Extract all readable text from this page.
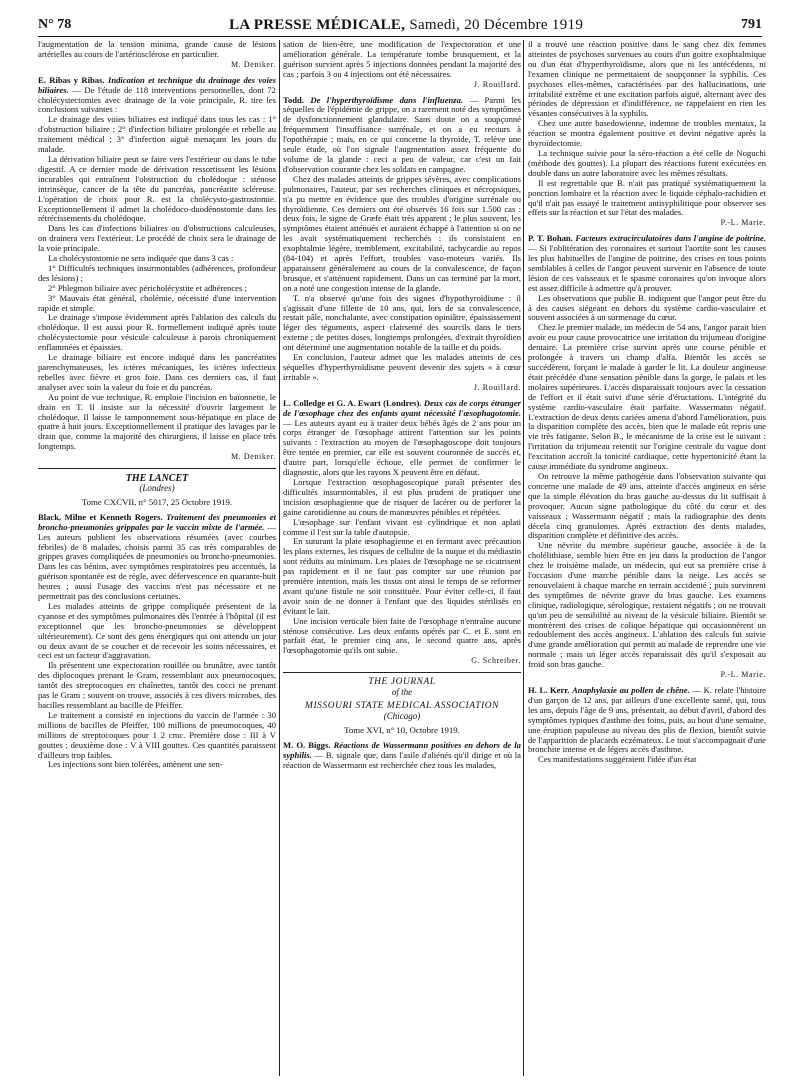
N° 78	LA PRESSE MÉDICALE, Samedi, 20 Décembre 1919	791

l'augmentation de la tension minima, grande cause de lésions artérielles au cours de l'artériosclérose en particulier.

M. Deniker.

E. Ribas y Ribas. Indication et technique du drainage des voies biliaires. — De l'étude de 118 interventions personnelles, dont 72 cholécystectomies avec drainage de la voie principale, R. tire les conclusions suivantes :

Le drainage des voies biliaires est indiqué dans tous les cas : 1° d'obstruction biliaire ; 2° d'infection biliaire prolongée et rebelle au traitement médical ; 3° d'infection aiguë menaçant les jours du malade.

La dérivation biliaire peut se faire vers l'extérieur ou dans le tube digestif. A ce dernier mode de dérivation ressortissent les lésions incurables qui entraînent l'obstruction du cholédoque : sténose intrinsèque, cancer de la tête du pancréas, pancréatite scléreuse. L'opération de choix pour R. est la cholécysto-gastrostomie. Exceptionnellement il admet la cholédoco-duodénostomie dans les rétrécissements du cholédoque.

Dans les cas d'infections biliaires ou d'obstructions calculeuses, on drainera vers l'extérieur. Le procédé de choix sera le drainage de la voie principale.

La cholécystostomie ne sera indiquée que dans 3 cas :

1° Difficultés techniques insurmontables (adhérences, profondeur des lésions) ;

2° Phlegmon biliaire avec péricholécystite et adhérences ;

3° Mauvais état général, cholémie, nécessité d'une intervention rapide et simple.

Le drainage s'impose évidemment après l'ablation des calculs du cholédoque. Il est aussi pour R. formellement indiqué après toute cholécystectomie pour vésicule calculeuse à parois chroniquement enflammées et épaissies.

Le drainage biliaire est encore indiqué dans les pancréatites parenchymateuses, les ictères mécaniques, les ictères infectieux rebelles avec fièvre et gros foie. Dans ces derniers cas, il faut analyser avec soin la valeur du foie et du pancréas.

Au point de vue technique, R. emploie l'incision en baïonnette, le drain en T. Il insiste sur la nécessité d'ouvrir largement le cholédoque. Il laisse le tamponnement sous-hépatique en place de quatre à huit jours. Exceptionnellement il pratique des lavages par le drain que, comme la majorité des chirurgiens, il laisse en place très longtemps.

M. Deniker.

THE LANCET

(Londres)

Tome CXCVII, n° 5017, 25 Octobre 1919.

Black, Milne et Kenneth Rogers. Traitement des pneumonies et broncho-pneumonies grippales par le vaccin mixte de l'armée. — Les auteurs publient les observations résumées (avec courbes fébriles) de 8 malades, choisis parmi 35 cas très comparables de grippes graves compliquées de pneumonies ou broncho-pneumonies. Dans les cas bénins, avec symptômes respiratoires peu accentués, la guérison spontanée est de règle, avec défervescence en quarante-huit heures ; aussi l'usage des vaccins n'est pas nécessaire et ne permettrait pas des conclusions certaines.

Les malades atteints de grippe compliquée présentent de la cyanose et des symptômes pulmonaires dès l'entrée à l'hôpital (il est exceptionnel que les broncho-pneumonies se développent ultérieurement). Ce sont des gens énergiques qui ont attendu un jour ou deux avant de se coucher et de recevoir les soins nécessaires, et ceci est un facteur d'aggravation.

Ils présentent une expectoration rouillée ou brunâtre, avec tantôt des diplocoques prenant le Gram, ressemblant aux pneumocoques, tantôt des streptocoques en chaînettes, tantôt des cocci ne prenant pas le Gram ; souvent on trouve, associés à ces divers microbes, des bacilles ressemblant au bacille de Pfeiffer.

Le traitement a consisté en injections du vaccin de l'armée : 30 millions de bacilles de Pfeiffer, 100 millions de pneumocoques, 40 millions de streptocoques pour 1 2 cmc. Première dose : III à V gouttes ; deuxième dose : V à VIII gouttes. Ces quantités paraissent d'ailleurs trop faibles.

Les injections sont bien tolérées, amènent une sen-

sation de bien-être, une modification de l'expectoration et une amélioration générale. La température tombe brusquement, et la guérison survient après 5 injections données pendant la majorité des cas ; parfois 3 ou 4 injections ont été nécessaires.

J. Rouillard.

Todd. De l'hyperthyroïdisme dans l'influenza. — Parmi les séquelles de l'épidémie de grippe, on a rarement noté des symptômes de dysfonctionnement glandulaire. Sans doute on a soupçonné fréquemment l'insuffisance surrénale, et on a eu recours à l'opothérapie ; mais, en ce qui concerne la thyroïde, T. relève une seule étude, où l'on signale l'augmentation assez fréquente du volume de la glande : ceci a peu de valeur, car c'est un fait d'observation courante chez les soldats en campagne.

Chez des malades atteints de grippes sévères, avec complications pulmonaires, l'auteur, par ses recherches cliniques et nécropsiques, n'a pu mettre en évidence que des troubles d'origine surrénale ou thyroïdienne. Ces derniers ont été observés 16 fois sur 1.500 cas : deux fois, le signe de Græfe était très apparent ; le plus souvent, les symptômes étaient atténués et auraient échappé à l'attention si on ne les avait systématiquement recherchés : ils consistaient en exophtalmie légère, tremblement, excitabilité, tachycardie au repos (84-104) et après l'effort, troubles vaso-moteurs variés. Ils apparaissent généralement au cours de la convalescence, de façon brusque, et s'atténuent rapidement. Dans un cas terminé par la mort, on a noté une congestion intense de la glande.

T. n'a observé qu'une fois des signes d'hypothyroïdisme : il s'agissait d'une fillette de 10 ans, qui, lors de sa convalescence, restait pâle, nonchalante, avec constipation opiniâtre, épaississement léger des téguments, aspect clairsemé des sourcils dans le tiers externe ; de petites doses, longtemps prolongées, d'extrait thyroïdien ont déterminé une augmentation notable de la taille et du poids.

En conclusion, l'auteur admet que les malades atteints de ces séquelles d'hyperthyroïdisme peuvent devenir des sujets « à cœur irritable ».

J. Rouillard.

L. Colledge et G. A. Ewart (Londres). Deux cas de corps étranger de l'œsophage chez des enfants ayant nécessité l'œsophagotomie. — Les auteurs ayant eu à traiter deux bébés âgés de 2 ans pour un corps étranger de l'œsophage attirent l'attention sur les points suivants : l'extraction au moyen de l'œsophagoscope doit toujours être tentée en premier, car elle est souvent couronnée de succès et, d'autre part, lorsqu'elle échoue, elle permet de confirmer le diagnostic, alors que les rayons X peuvent être en défaut.

Lorsque l'extraction œsophagoscopique paraît présenter des difficultés insurmontables, il est plus prudent de pratiquer une incision œsophagienne que de risquer de lacérer ou de perforer la gaine carotidienne au cours de manœuvres pénibles et répétées.

L'œsophage sur l'enfant vivant est cylindrique et non aplati comme il l'est sur la table d'autopsie.

En suturant la plaie œsophagienne et en fermant avec précaution les plans externes, les risques de cellulite de la nuque et du médiastin sont réduits au minimum. Les plaies de l'œsophage ne se cicatrisent pas rapidement et il ne faut pas compter sur une réunion par première intention, mais les tissus ont ainsi le temps de se reformer avant qu'une fistule ne soit constituée. Pour éviter celle-ci, il faut avoir soin de ne donner à l'enfant que des liquides stérilisés en évitant le lait.

Une incision verticale bien faite de l'œsophage n'entraîne aucune sténose consécutive. Les deux enfants opérés par C. et E. sont en parfait état, le premier cinq ans, le second quatre ans, après l'œsophagotomie qu'ils ont subie.

G. Schreiber.

THE JOURNAL

of the

MISSOURI STATE MEDICAL ASSOCIATION

(Chicago)

Tome XVI, n° 10, Octobre 1919.

M. O. Biggs. Réactions de Wassermann positives en dehors de la syphilis. — B. signale que, dans l'asile d'aliénés qu'il dirige et où la réaction de Wassermann est recherchée chez tous les malades,

il a trouvé une réaction positive dans le sang chez dix femmes atteintes de psychoses survenues au cours d'un goitre exophtalmique ou d'un état d'hyperthyroïdisme, alors que ni les antécédents, ni l'examen clinique ne permettaient de soupçonner la syphilis. Ces psychoses elles-mêmes, caractérisées par des hallucinations, une irritabilité extrême et une excitation parfois aiguë, alternant avec des périodes de dépression et d'indifférence, ne rappelaient en rien les vésanies consécutives à la syphilis.

Chez une autre basedowienne, indemne de troubles mentaux, la réaction se montra également positive et devint négative après la thyroïdectomie.

La technique suivie pour la séro-réaction a été celle de Noguchi (méthode des gouttes). La plupart des réactions furent exécutées en double dans un autre laboratoire avec les mêmes résultats.

Il est regrettable que B. n'ait pas pratiqué systématiquement la ponction lombaire et la réaction avec le liquide céphalo-rachidien et qu'il n'ait pas essayé le traitement antisyphilitique pour observer ses effets sur la réaction et sur l'état des malades.

P.-L. Marie.

P. T. Bohan. Facteurs extracirculatoires dans l'angine de poitrine. — Si l'oblitération des coronaires et surtout l'aortite sont les causes les plus habituelles de l'angine de poitrine, des crises en tous points semblables à celles de l'angor peuvent survenir en l'absence de toute lésion de ces vaisseaux et le spasme coronaires qu'on invoque alors est assez difficile à admettre qu'à prouver.

Les observations que publie B. indiquent que l'angor peut être du à des causes siégeant en dehors du système cardio-vasculaire et souvent associées à un surmenage du cœur.

Chez le premier malade, un médecin de 54 ans, l'angor parait bien avoir eu pour cause provocatrice une irritation du trijumeau d'origine dentaire. La première crise survint après une course pénible et prolongée à travers un champ d'alfa. Bientôt les accès se succédèrent, forçant le malade à garder le lit. La douleur angineuse était précédée d'une sensation pénible dans la gorge, le palais et les molaires supérieures. L'accès disparaissait toujours avec la cessation de l'effort et il était suivi d'une série d'éructations. L'intégrité du système cardio-vasculaire était parfaite. Wassermann négatif. L'extraction de deux dents cariées amena d'abord l'amélioration, puis la disparition complète des accès, bien que le malade eût repris une vie très fatigante. Selon B., le mécanisme de la crise est le suivant : l'irritation du trijumeau retentit sur l'origine centrale du vague dont l'excitation accroît la tonicité cardiaque, cette hypertonicité étant la cause immédiate du syndrome angineux.

On retrouve la même pathogénie dans l'observation suivante qui concerne une malade de 49 ans, atteinte d'accès angineux en série que la simple élévation du bras gauche au-dessus du lit suffisait à provoquer. Aucun signe pathologique du côté du cœur et des vaisseaux ; Wassermann négatif ; mais la radiographie des dents décela cinq granulomes. Après extraction des dents malades, disparition complète et définitive des accès.

Une névrite du membre supérieur gauche, associée à de la cholélithiase, semble bien être en jeu dans la production de l'angor chez le troisième malade, un médecin, qui eut sa première crise à l'occasion d'une marche pénible dans la neige. Les accès se renouvelaient à chaque marche en terrain accidenté ; puis survinrent des symptômes de névrite grave du bras gauche. Les examens clinique, radiologique, sérologique, restaient négatifs ; on ne trouvait qu'un peu de sensibilité au niveau de la vésicule biliaire. Bientôt se montrèrent des crises de colique hépatique qui occasionnèrent un redoublement des accès angineux. L'ablation des calculs fut suivie d'une grande amélioration qui permit au malade de reprendre une vie normale ; mais un léger accès reparaissait dès qu'il s'exposait au froid son bras gauche.

P.-L. Marie.

H. L. Kerr. Anaphylaxie au pollen de chêne. — K. relate l'histoire d'un garçon de 12 ans, par ailleurs d'une excellente santé, qui, tous les ans, depuis l'âge de 9 ans, présentait, au début d'avril, d'abord des symptômes typiques d'asthme des foins, puis, au bout d'une semaine, une éruption papuleuse au niveau des plis de flexion, bientôt suivie de l'apparition de placards eczémateux. Le tout s'accompagnait d'une bronchite intense et de légers accès d'asthme.

Ces manifestations suggéraient l'idée d'un état
